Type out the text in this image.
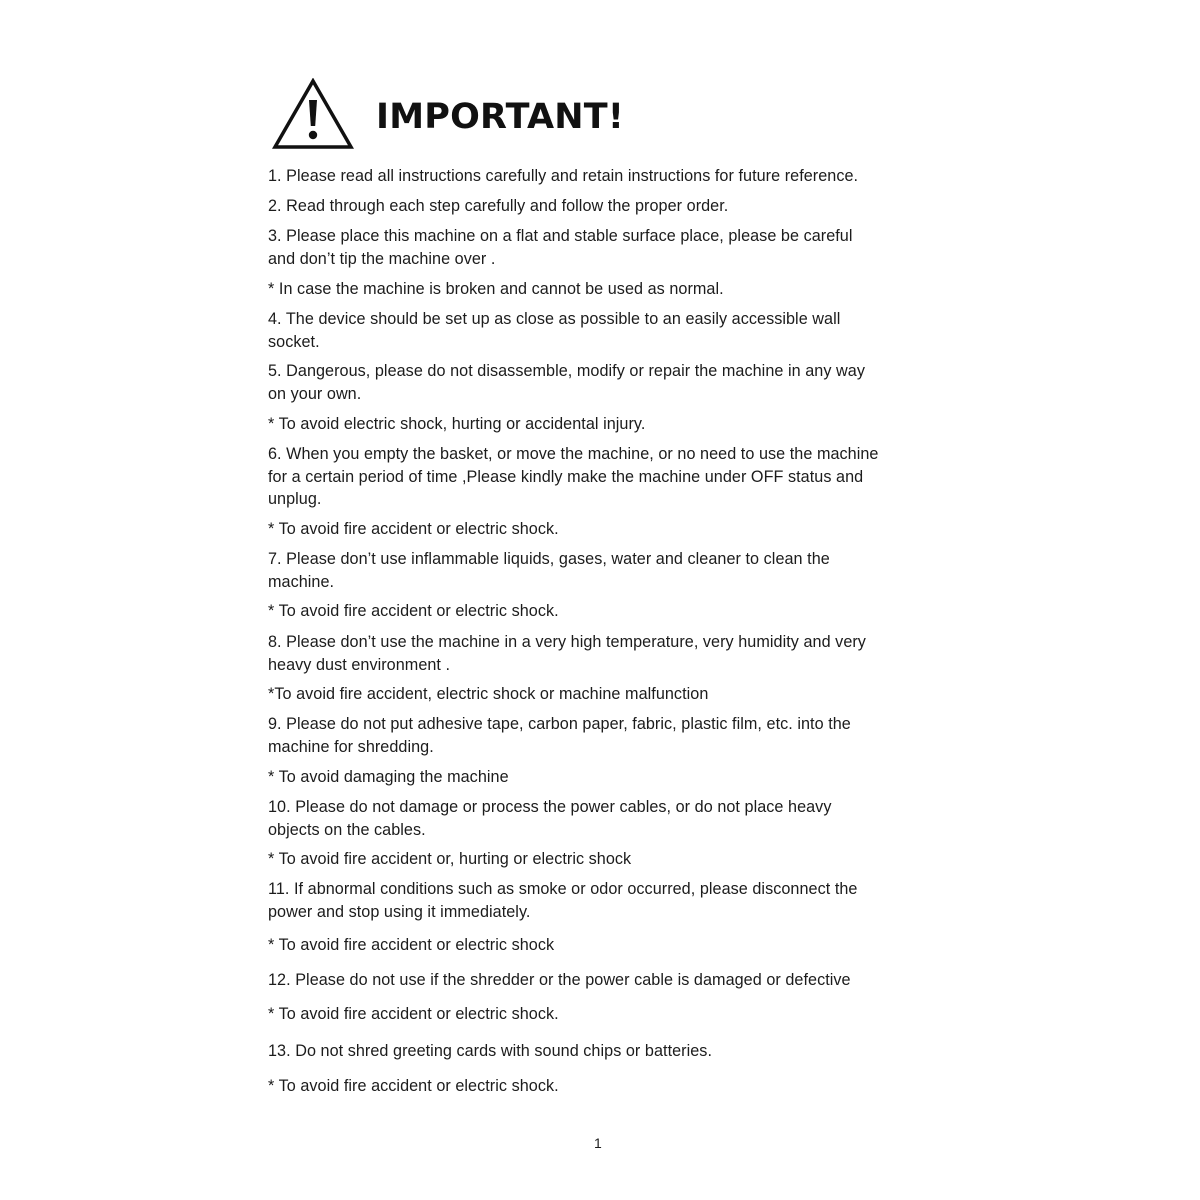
IMPORTANT!

1. Please read all instructions carefully and retain instructions for future reference.

2. Read through each step carefully and follow the proper order.

3. Please place this machine on a flat and stable surface place, please be careful

and don’t tip the machine over .

* In case the machine is broken and cannot be used as normal.

4. The device should be set up as close as possible to an easily accessible wall

socket.

5. Dangerous, please do not disassemble, modify or repair the machine in any way

on your own.

* To avoid electric shock, hurting or accidental injury.

6. When you empty the basket, or move the machine, or no need to use the machine

for a certain period of time ,Please kindly make the machine under OFF status and

unplug.

* To avoid fire accident or electric shock.

7. Please don’t use inflammable liquids, gases, water and cleaner to clean the

machine.

* To avoid fire accident or electric shock.

8. Please don’t use the machine in a very high temperature, very humidity and very

heavy dust environment .

*To avoid fire accident, electric shock or machine malfunction

9. Please do not put adhesive tape, carbon paper, fabric, plastic film, etc. into the

machine for shredding.

* To avoid damaging the machine

10. Please do not damage or process the power cables, or do not place heavy

objects on the cables.

* To avoid fire accident or, hurting or electric shock

11. If abnormal conditions such as smoke or odor occurred, please disconnect the

power and stop using it immediately.

* To avoid fire accident or electric shock

12. Please do not use if the shredder or the power cable is damaged or defective

* To avoid fire accident or electric shock.

13. Do not shred greeting cards with sound chips or batteries.

* To avoid fire accident or electric shock.

1
